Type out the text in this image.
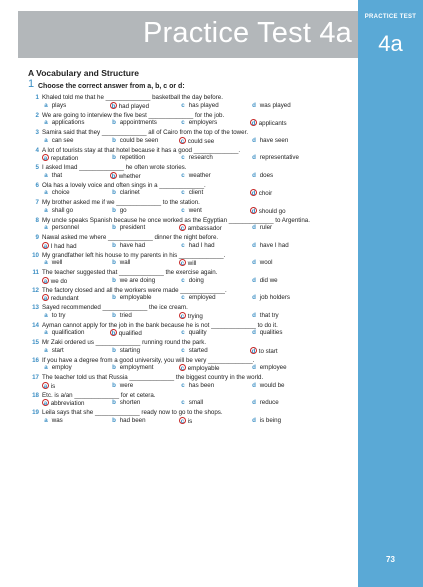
Practice Test 4a	PRACTICE TEST
4a
73
A Vocabulary and Structure
1 Choose the correct answer from a, b, c or d:
1 Khaled told me that he _____________ basketball the day before.
a plays	b had played	c has played	d was played
2 We are going to interview the five best _____________ for the job.
a applications	b appointments	c employers	d applicants
3 Samira said that they _____________ all of Cairo from the top of the tower.
a can see	b could be seen	c could see	d have seen
4 A lot of tourists stay at that hotel because it has a good _____________.
a reputation	b repetition	c research	d representative
5 I asked Imad _____________ he often wrote stories.
a that	b whether	c weather	d does
6 Ola has a lovely voice and often sings in a _____________.
a choice	b clarinet	c client	d choir
7 My brother asked me if we _____________ to the station.
a shall go	b go	c went	d should go
8 My uncle speaks Spanish because he once worked as the Egyptian _____________ to Argentina.
a personnel	b president	c ambassador	d ruler
9 Nawal asked me where _____________ dinner the night before.
a I had had	b have had	c had I had	d have I had
10 My grandfather left his house to my parents in his _____________.
a well	b wall	c will	d wool
11 The teacher suggested that _____________ the exercise again.
a we do	b we are doing	c doing	d did we
12 The factory closed and all the workers were made _____________.
a redundant	b employable	c employed	d job holders
13 Sayed recommended _____________ the ice cream.
a to try	b tried	c trying	d that try
14 Ayman cannot apply for the job in the bank because he is not _____________ to do it.
a qualification	b qualified	c quality	d qualities
15 Mr Zaki ordered us _____________ running round the park.
a start	b starting	c started	d to start
16 If you have a degree from a good university, you will be very _____________.
a employ	b employment	c employable	d employee
17 The teacher told us that Russia _____________ the biggest country in the world.
a is	b were	c has been	d would be
18 Etc. is a/an _____________ for et cetera.
a abbreviation	b shorten	c small	d reduce
19 Leila says that she _____________ ready now to go to the shops.
a was	b had been	c is	d is being
